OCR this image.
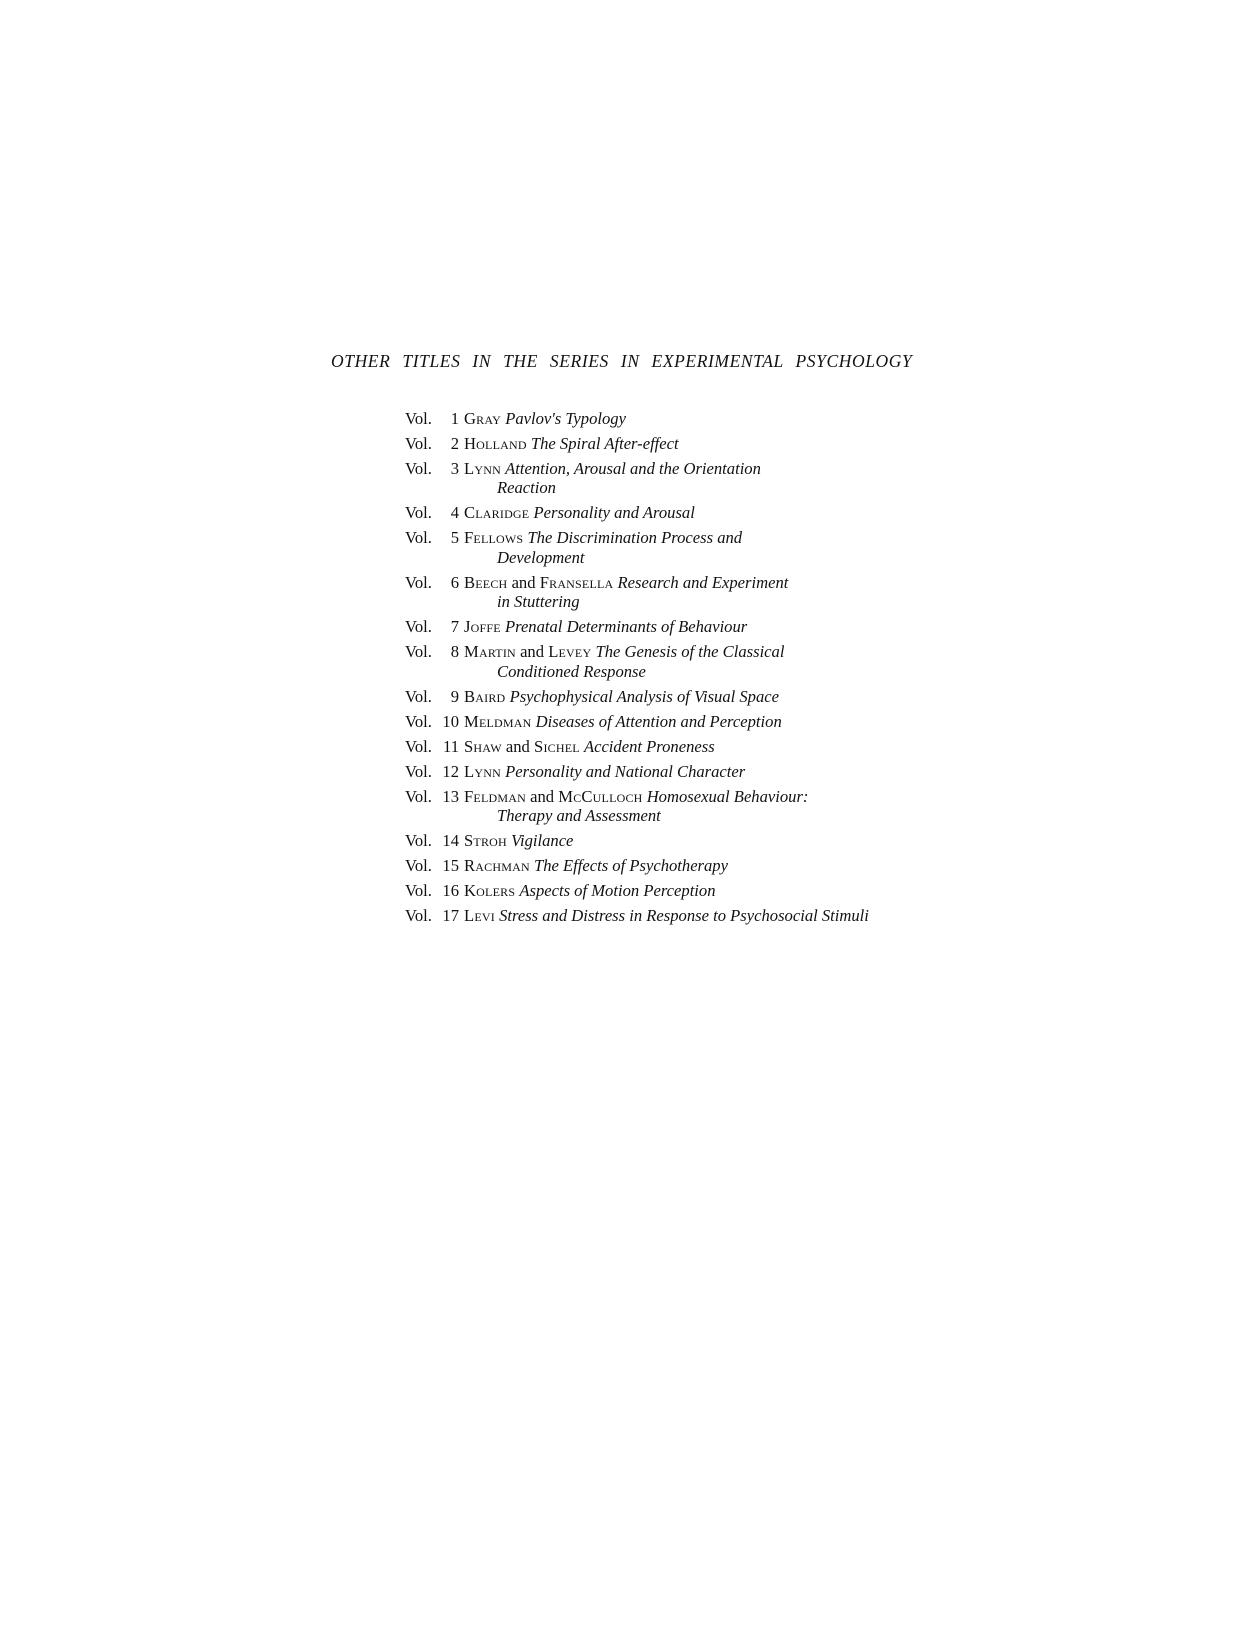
OTHER TITLES IN THE SERIES IN EXPERIMENTAL PSYCHOLOGY
Vol. 1 Gray Pavlov's Typology
Vol. 2 Holland The Spiral After-effect
Vol. 3 Lynn Attention, Arousal and the Orientation
Reaction
Vol. 4 Claridge Personality and Arousal
Vol. 5 Fellows The Discrimination Process and
Development
Vol. 6 Beech and Fransella Research and Experiment
in Stuttering
Vol. 7 Joffe Prenatal Determinants of Behaviour
Vol. 8 Martin and Levey The Genesis of the Classical
Conditioned Response
Vol. 9 Baird Psychophysical Analysis of Visual Space
Vol. 10 Meldman Diseases of Attention and Perception
Vol. 11 Shaw and Sichel Accident Proneness
Vol. 12 Lynn Personality and National Character
Vol. 13 Feldman and McCulloch Homosexual Behaviour:
Therapy and Assessment
Vol. 14 Stroh Vigilance
Vol. 15 Rachman The Effects of Psychotherapy
Vol. 16 Kolers Aspects of Motion Perception
Vol. 17 Levi Stress and Distress in Response to Psychosocial Stimuli
